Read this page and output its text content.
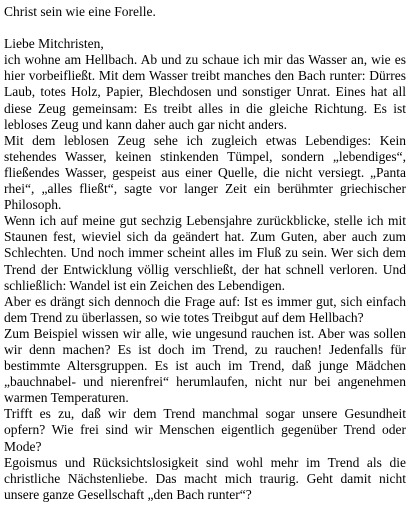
Christ sein wie eine Forelle.

Liebe Mitchristen,

ich wohne am Hellbach. Ab und zu schaue ich mir das Wasser an, wie es hier vorbeifließt. Mit dem Wasser treibt manches den Bach runter: Dürres Laub, totes Holz, Papier, Blechdosen und sonstiger Unrat. Eines hat all diese Zeug gemeinsam: Es treibt alles in die gleiche Richtung. Es ist lebloses Zeug und kann daher auch gar nicht anders.

Mit dem leblosen Zeug sehe ich zugleich etwas Lebendiges: Kein stehendes Wasser, keinen stinkenden Tümpel, sondern „lebendiges“, fließendes Wasser, gespeist aus einer Quelle, die nicht versiegt. „Panta rhei“, „alles fließt“, sagte vor langer Zeit ein berühmter griechischer Philosoph.

Wenn ich auf meine gut sechzig Lebensjahre zurückblicke, stelle ich mit Staunen fest, wieviel sich da geändert hat. Zum Guten, aber auch zum Schlechten. Und noch immer scheint alles im Fluß zu sein. Wer sich dem Trend der Entwicklung völlig verschließt, der hat schnell verloren. Und schließlich: Wandel ist ein Zeichen des Lebendigen.

Aber es drängt sich dennoch die Frage auf: Ist es immer gut, sich einfach dem Trend zu überlassen, so wie totes Treibgut auf dem Hellbach?

Zum Beispiel wissen wir alle, wie ungesund rauchen ist. Aber was sollen wir denn machen? Es ist doch im Trend, zu rauchen! Jedenfalls für bestimmte Altersgruppen. Es ist auch im Trend, daß junge Mädchen „bauchnabel- und nierenfrei“ herumlaufen, nicht nur bei angenehmen warmen Temperaturen.

Trifft es zu, daß wir dem Trend manchmal sogar unsere Gesundheit opfern? Wie frei sind wir Menschen eigentlich gegenüber Trend oder Mode?

Egoismus und Rücksichtslosigkeit sind wohl mehr im Trend als die christliche Nächstenliebe. Das macht mich traurig. Geht damit nicht unsere ganze Gesellschaft „den Bach runter“?
